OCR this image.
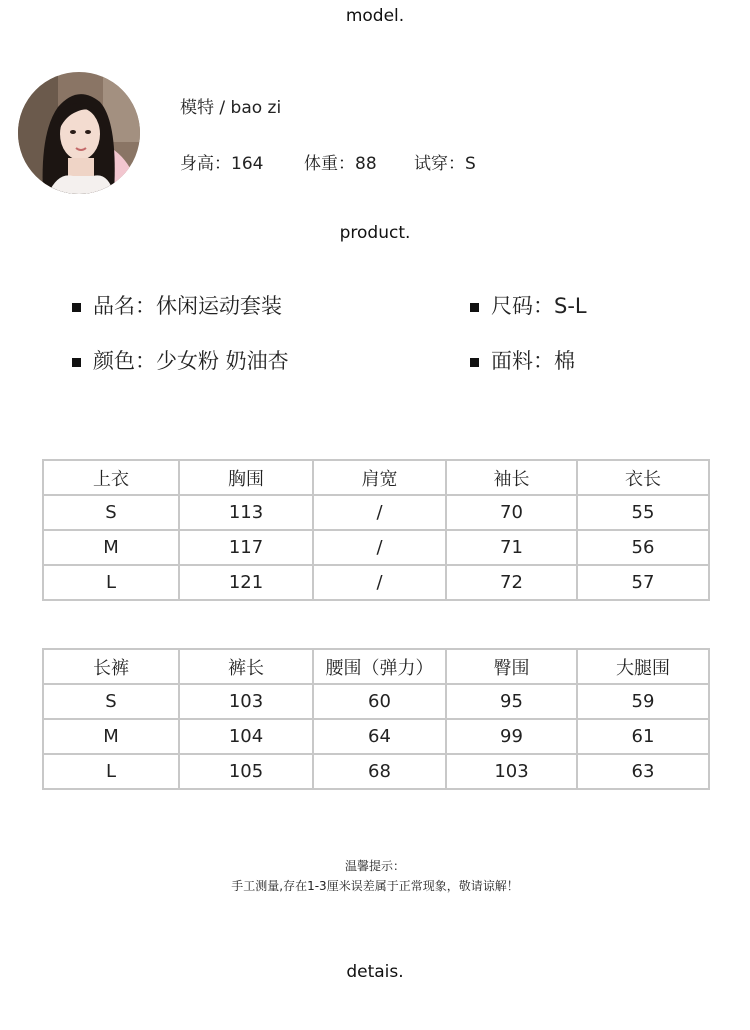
model.
模特 / bao zi
身高：164 体重：88 试穿：S
product.
品名：休闲运动套装	尺码：S-L
颜色：少女粉 奶油杏	面料：棉
上衣	胸围	肩宽	袖长	衣长
S	113	/	70	55
M	117	/	71	56
L	121	/	72	57
长裤	裤长	腰围（弹力）	臀围	大腿围
S	103	60	95	59
M	104	64	99	61
L	105	68	103	63
温馨提示：
手工测量,存在1-3厘米误差属于正常现象，敬请谅解！
detais.
